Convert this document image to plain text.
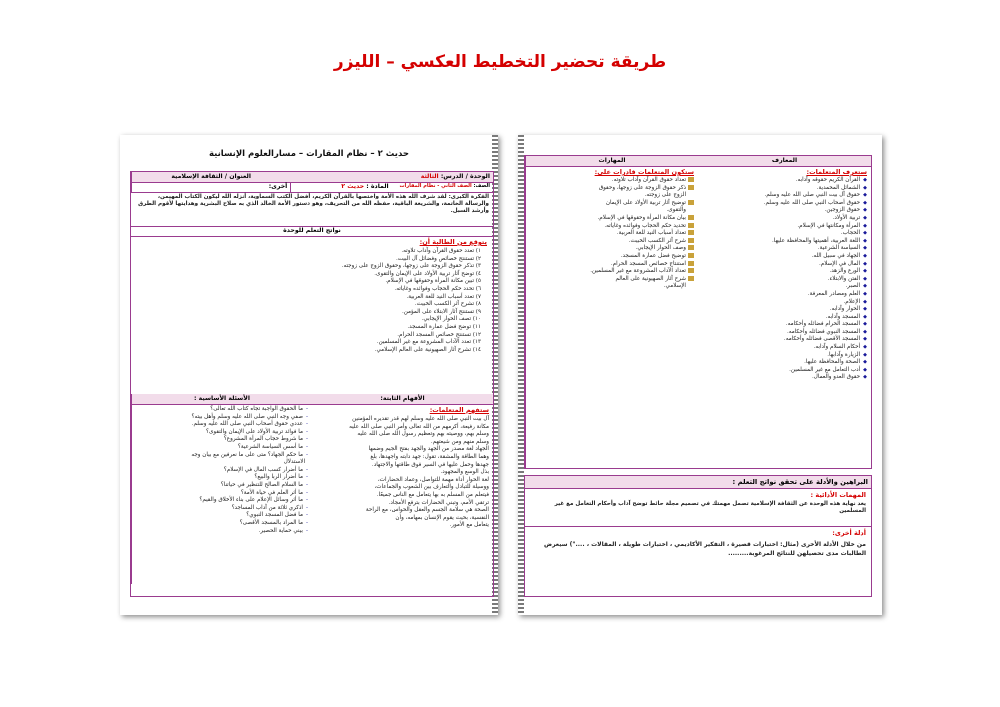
طريقة تحضير التخطيط العكسي – الليزر
حديث ٢ – نظام المقارات – مسارالعلوم الإنسانية
الوحدة / الدرس: الثالثة
العنوان / الثقافة الإسلامية
الصف: الصف الثاني - نظام المقارات
المادة : حديث ٢
أخرى:
الفكرة الكبرى: لقد شرف الله هذه الأمة واختصها بالقرآن الكريم، أفضل الكتب السماوية، أنزله الله ليكون الكتاب المهيمن، والرسالة الخاتمة، والشريعة الباقية، حفظه الله من التحريف، وهو دستور الأمة الخالد الذي به صلاح البشرية وهدايتها لأقوم الطرق وأرشد السبل.
نواتج التعلم للوحدة
يتوقع من الطالبة أن:
١) تعدد حقوق القرآن وآداب تلاوته.
٢) تستنتج خصائص وفضائل آل البيت.
٣) تذكر حقوق الزوجة على زوجها، وحقوق الزوج على زوجته.
٤) توضح آثار تربية الأولاد على الإيمان والتقوى.
٥) تبين مكانة المرأة وحقوقها في الإسلام.
٦) تحدد حكم الحجاب وفوائده وغاياته.
٧) تعدد أسباب النيد للغة العربية.
٨) تشرح آثر الكسب الخبيث.
٩) تستنتج آثار الابتلاء على المؤمن.
١٠) تصف الحوار الإيجابي.
١١) توضح فضل عمارة المسجد.
١٢) تستنتج خصائص المسجد الحرام.
١٣) تعدد الآداب المشروعة مع غير المسلمين.
١٤) تشرح آثار الصهيونية على العالم الإسلامي.
الأفهام الثابتة:
الأسئلة الأساسية :
ستفهم المتعلمات:
آل بيت النبي صلى الله عليه وسلم لهم قدر تقديره المؤمنين
مكانة رفيعة، أكرمهم من الله تعالى وأمر النبي صلى الله عليه
وسلم بهم، ووصيته بهم وتعظيم رسول الله صلى الله عليه
وسلم منهم ومن شيعتهم.
الجهاد لغة مصدر من الجهد والجهد بفتح الجيم وضمها
وهما الطاقة والمشقة، تقول: جهد دابته واجهدها، بلغ
جهدها وحمل عليها في السير فوق طاقتها والاجتهاد.
بذل الوسع والمجهود.
لغة الحوار أداة مهمة للتواصل، وعماد الحضارات،
ووسيلة للتبادل والتعارف بين الشعوب والجماعات،
فيتعلم من المسلم به بها يتعامل مع الناس جميعًا.
ترتقي الأمم، وتبني الحضارات بترفع الأمجاد.
الصحة هي سلامة الجسم والعقل والحواس، مع الراحة
النفسية، بحيث يقوم الإنسان بمهامه، وأن
يتعامل مع الأمور.
-ما الحقوق الواجبة تجاه كتاب الله تعالى؟
-صفي وجه النبي صلى الله عليه وسلم وأهل بيته؟
-عددي حقوق أصحاب النبي صلى الله عليه وسلم.
-ما فوائد تربية الأولاد على الإيمان والتقوى؟
-ما شروط حجاب المرأة المشروع؟
-ما أسس السياسة الشرعية؟
-ما حكم الجهاد؟ متى على ما نعرفين مع بيان وجه
الاستدلال
-ما أضرار كسب المال في الإسلام؟
-ما أضرار الربا والبيع؟
-ما السلام الصالح للتنظير في حياتنا؟
-ما أثر العلم في حياة الأمة؟
-ما أثر وسائل الإعلام على بناء الأخلاق والقيم؟
-اذكري ثلاثة من آداب المساجد؟
-ما فضل المسجد النبوي؟
-ما المراد بالمسجد الأقصى؟
-بيني حماية الحصير.
المعارف
المهارات
ستعرف المتعلمات:
◆القرآن الكريم حقوقه وآدابه.
◆الشمائل المحمدية.
◆حقوق آل بيت النبي صلى الله عليه وسلم.
◆حقوق أصحاب النبي صلى الله عليه وسلم.
◆حقوق الزوجين.
◆تربية الأولاد.
◆المرأة ومكانتها في الإسلام.
◆الحجاب.
◆اللغة العربية، أهميتها والمحافظة عليها.
◆السياسة الشرعية.
◆الجهاد في سبيل الله.
◆المال في الإسلام.
◆الورع والزهد.
◆الفتن والابتلاء.
◆الصبر.
◆العلم ومصادر المعرفة.
◆الإعلام.
◆الحوار وآدابه.
◆المسجد وآدابه.
◆المسجد الحرام فضائله وأحكامه.
◆المسجد النبوي فضائله وأحكامه.
◆المسجد الأقصى فضائله وأحكامه.
◆أحكام السلام وآدابه.
◆الزيارة وآدابها.
◆الصحة والمحافظة عليها.
◆أدب التعامل مع غير المسلمين.
◆حقوق العدو والعمال.
ستكون المتعلمات قادرات على:
تعداد حقوق القرآن وآداب تلاوته.
ذكر حقوق الزوجة على زوجها، وحقوق
الزوج على زوجته.
توضيح آثار تربية الأولاد على الإيمان
والتقوى.
بيان مكانة المرأة وحقوقها في الإسلام.
تحديد حكم الحجاب وفوائده وغاياته.
تعداد أسباب النيد للغة العربية.
شرح آثر الكسب الخبيث.
وصف الحوار الإيجابي.
توضيح فضل عمارة المسجد.
استنتاج خصائص المسجد الحرام.
تعداد الآداب المشروعة مع غير المسلمين.
شرح آثار الصهيونية على العالم
الإسلامي.
البراهين والأدلة على تحقق نواتج التعلم :
المهمات الأدائية :
يعد نهاية هذه الوحدة عن الثقافة الإسلامية تصمل مهمتك في تصميم مجلة حائط توضح آداب وأحكام التعامل مع غير المسلمين
أدلة أخرى:
من خلال الأدلة الأخرى (مثال: اختبارات قصيرة ، التفكير الأكاديمي ، اختبارات طويلة ، المقالات ، ....") سيعرض الطالبات مدى تحصيلهن للنتائج المرغوبة.........
